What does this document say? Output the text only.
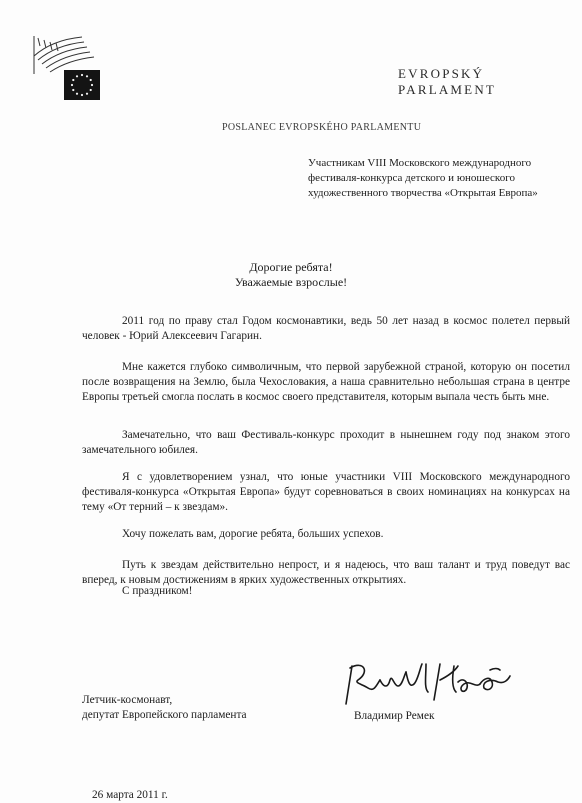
EVROPSKÝ PARLAMENT
POSLANEC EVROPSKÉHO PARLAMENTU
Участникам VIII Московского международного фестиваля-конкурса детского и юношеского художественного творчества «Открытая Европа»
Дорогие ребята!
Уважаемые взрослые!
2011 год по праву стал Годом космонавтики, ведь 50 лет назад в космос полетел первый человек - Юрий Алексеевич Гагарин.
Мне кажется глубоко символичным, что первой зарубежной страной, которую он посетил после возвращения на Землю, была Чехословакия, а наша сравнительно небольшая страна в центре Европы третьей смогла послать в космос своего представителя, которым выпала честь быть мне.
Замечательно, что ваш Фестиваль-конкурс проходит в нынешнем году под знаком этого замечательного юбилея.
Я с удовлетворением узнал, что юные участники VIII Московского международного фестиваля-конкурса «Открытая Европа» будут соревноваться в своих номинациях на конкурсах на тему «От терний – к звездам».
Хочу пожелать вам, дорогие ребята, больших успехов.
Путь к звездам действительно непрост, и я надеюсь, что ваш талант и труд поведут вас вперед, к новым достижениям в ярких художественных открытиях.
С праздником!
Летчик-космонавт,
депутат Европейского парламента	Владимир Ремек
26 марта 2011 г.
